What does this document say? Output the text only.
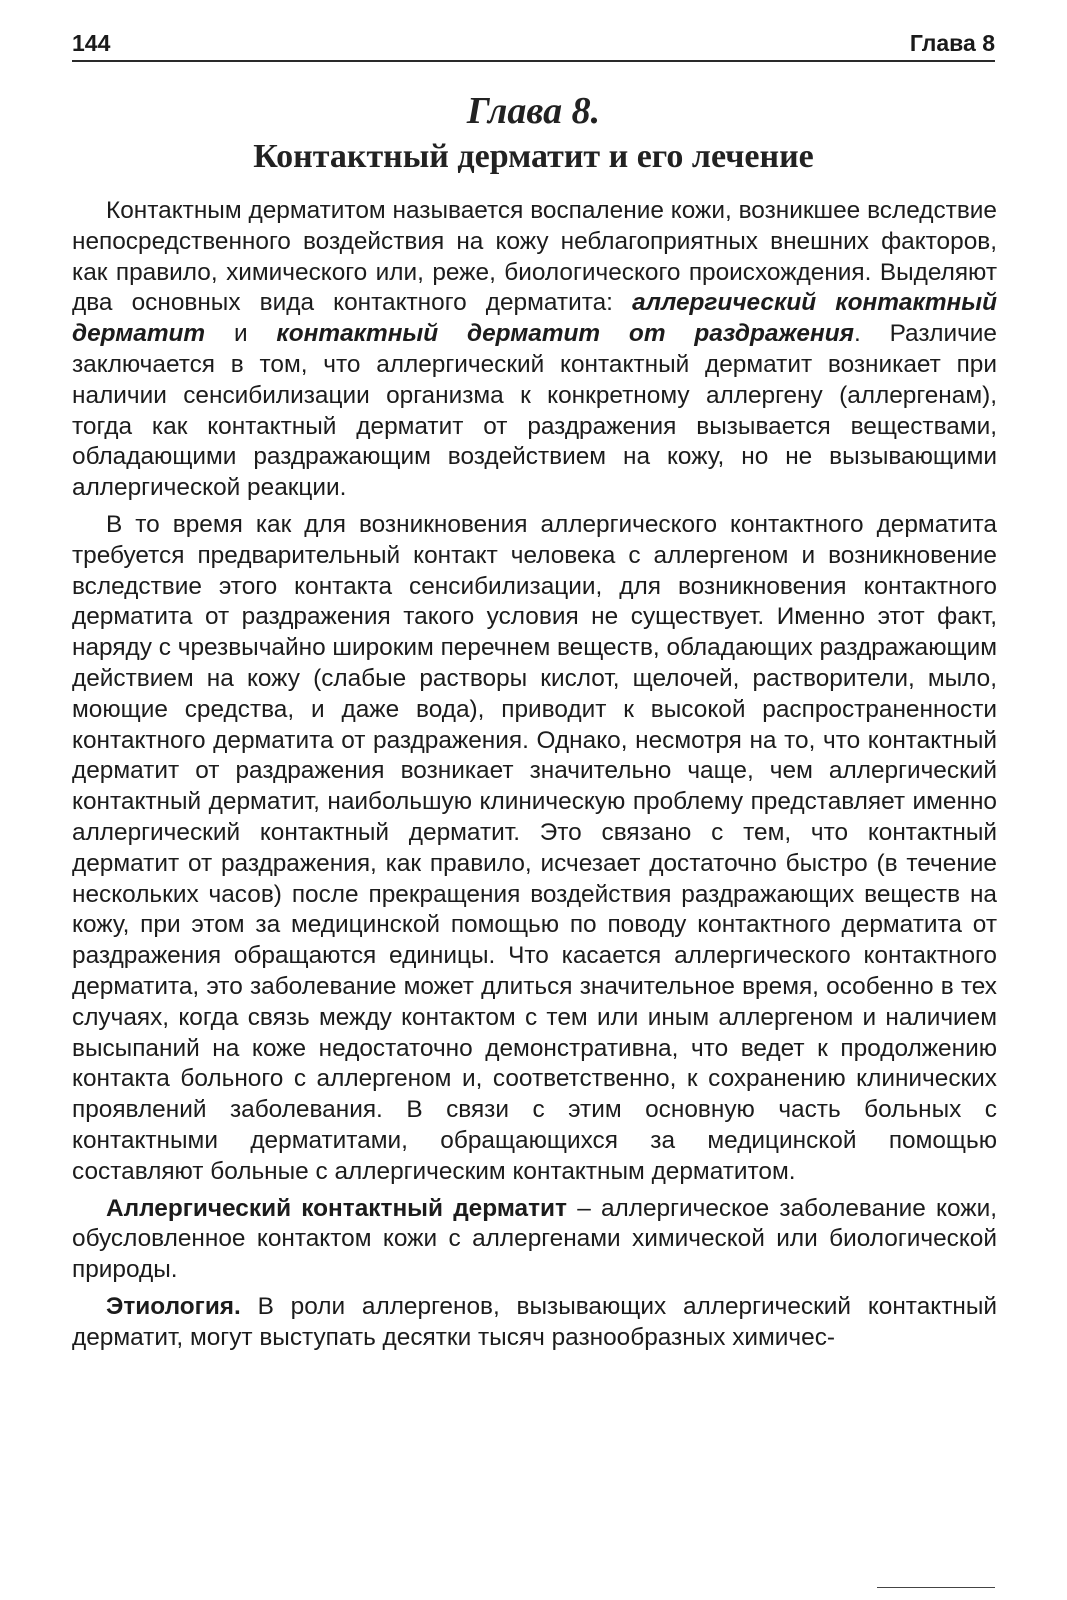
144	Глава 8
Глава 8.
Контактный дерматит и его лечение

Контактным дерматитом называется воспаление кожи, возникшее вследствие непосредственного воздействия на кожу неблагоприятных внешних факторов, как правило, химического или, реже, биологического происхождения. Выделяют два основных вида контактного дерматита: аллергический контактный дерматит и контактный дерматит от раздражения. Различие заключается в том, что аллергический контактный дерматит возникает при наличии сенсибилизации организма к конкретному аллергену (аллергенам), тогда как контактный дерматит от раздражения вызывается веществами, обладающими раздражающим воздействием на кожу, но не вызывающими аллергической реакции.

В то время как для возникновения аллергического контактного дерматита требуется предварительный контакт человека с аллергеном и возникновение вследствие этого контакта сенсибилизации, для возникновения контактного дерматита от раздражения такого условия не существует. Именно этот факт, наряду с чрезвычайно широким перечнем веществ, обладающих раздражающим действием на кожу (слабые растворы кислот, щелочей, растворители, мыло, моющие средства, и даже вода), приводит к высокой распространенности контактного дерматита от раздражения. Однако, несмотря на то, что контактный дерматит от раздражения возникает значительно чаще, чем аллергический контактный дерматит, наибольшую клиническую проблему представляет именно аллергический контактный дерматит. Это связано с тем, что контактный дерматит от раздражения, как правило, исчезает достаточно быстро (в течение нескольких часов) после прекращения воздействия раздражающих веществ на кожу, при этом за медицинской помощью по поводу контактного дерматита от раздражения обращаются единицы. Что касается аллергического контактного дерматита, это заболевание может длиться значительное время, особенно в тех случаях, когда связь между контактом с тем или иным аллергеном и наличием высыпаний на коже недостаточно демонстративна, что ведет к продолжению контакта больного с аллергеном и, соответственно, к сохранению клинических проявлений заболевания. В связи с этим основную часть больных с контактными дерматитами, обращающихся за медицинской помощью составляют больные с аллергическим контактным дерматитом.

Аллергический контактный дерматит – аллергическое заболевание кожи, обусловленное контактом кожи с аллергенами химической или биологической природы.

Этиология. В роли аллергенов, вызывающих аллергический контактный дерматит, могут выступать десятки тысяч разнообразных химичес-
